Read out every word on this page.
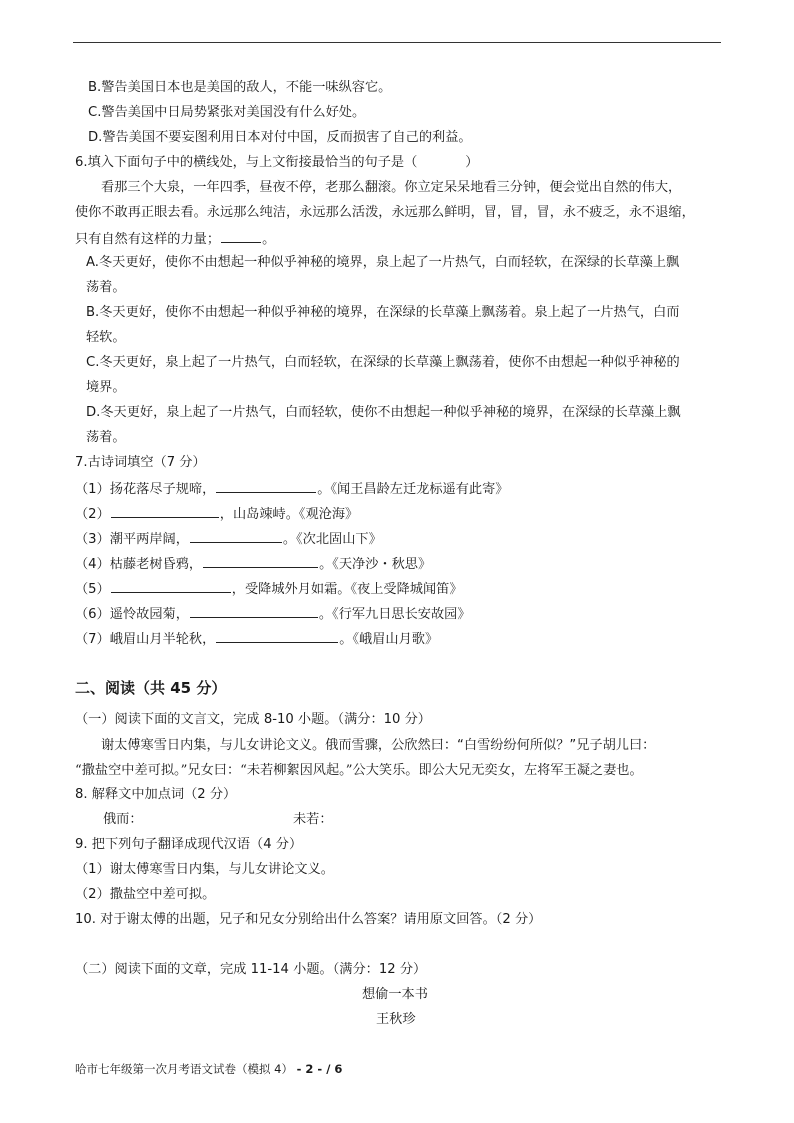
B.警告美国日本也是美国的敌人，不能一味纵容它。
C.警告美国中日局势紧张对美国没有什么好处。
D.警告美国不要妄图利用日本对付中国，反而损害了自己的利益。
6.填入下面句子中的横线处，与上文衔接最恰当的句子是（	）
看那三个大泉，一年四季，昼夜不停，老那么翻滚。你立定呆呆地看三分钟，便会觉出自然的伟大，
使你不敢再正眼去看。永远那么纯洁，永远那么活泼，永远那么鲜明，冒，冒，冒，永不疲乏，永不退缩，
只有自然有这样的力量；	。
A.冬天更好，使你不由想起一种似乎神秘的境界，泉上起了一片热气，白而轻软，在深绿的长草藻上飘
荡着。
B.冬天更好，使你不由想起一种似乎神秘的境界，在深绿的长草藻上飘荡着。泉上起了一片热气，白而
轻软。
C.冬天更好，泉上起了一片热气，白而轻软，在深绿的长草藻上飘荡着，使你不由想起一种似乎神秘的
境界。
D.冬天更好，泉上起了一片热气，白而轻软，使你不由想起一种似乎神秘的境界，在深绿的长草藻上飘
荡着。
7.古诗词填空（7 分）
（1）扬花落尽子规啼，	。《闻王昌龄左迁龙标遥有此寄》
（2）	，山岛竦峙。《观沧海》
（3）潮平两岸阔，	。《次北固山下》
（4）枯藤老树昏鸦，	。《天净沙・秋思》
（5）	，受降城外月如霜。《夜上受降城闻笛》
（6）遥怜故园菊，	。《行军九日思长安故园》
（7）峨眉山月半轮秋，	。《峨眉山月歌》
二、阅读（共 45 分）
（一）阅读下面的文言文，完成 8-10 小题。（满分：10 分）
谢太傅寒雪日内集，与儿女讲论文义。俄而雪骤，公欣然曰：“白雪纷纷何所似？”兄子胡儿曰：
“撒盐空中差可拟。”兄女曰：“未若柳絮因风起。”公大笑乐。即公大兄无奕女，左将军王凝之妻也。
8. 解释文中加点词（2 分）
俄而：	未若：
9. 把下列句子翻译成现代汉语（4 分）
（1）谢太傅寒雪日内集，与儿女讲论文义。
（2）撒盐空中差可拟。
10. 对于谢太傅的出题，兄子和兄女分别给出什么答案？请用原文回答。（2 分）
（二）阅读下面的文章，完成 11-14 小题。（满分：12 分）
想偷一本书
王秋珍
哈市七年级第一次月考语文试卷（模拟 4） - 2 - / 6
